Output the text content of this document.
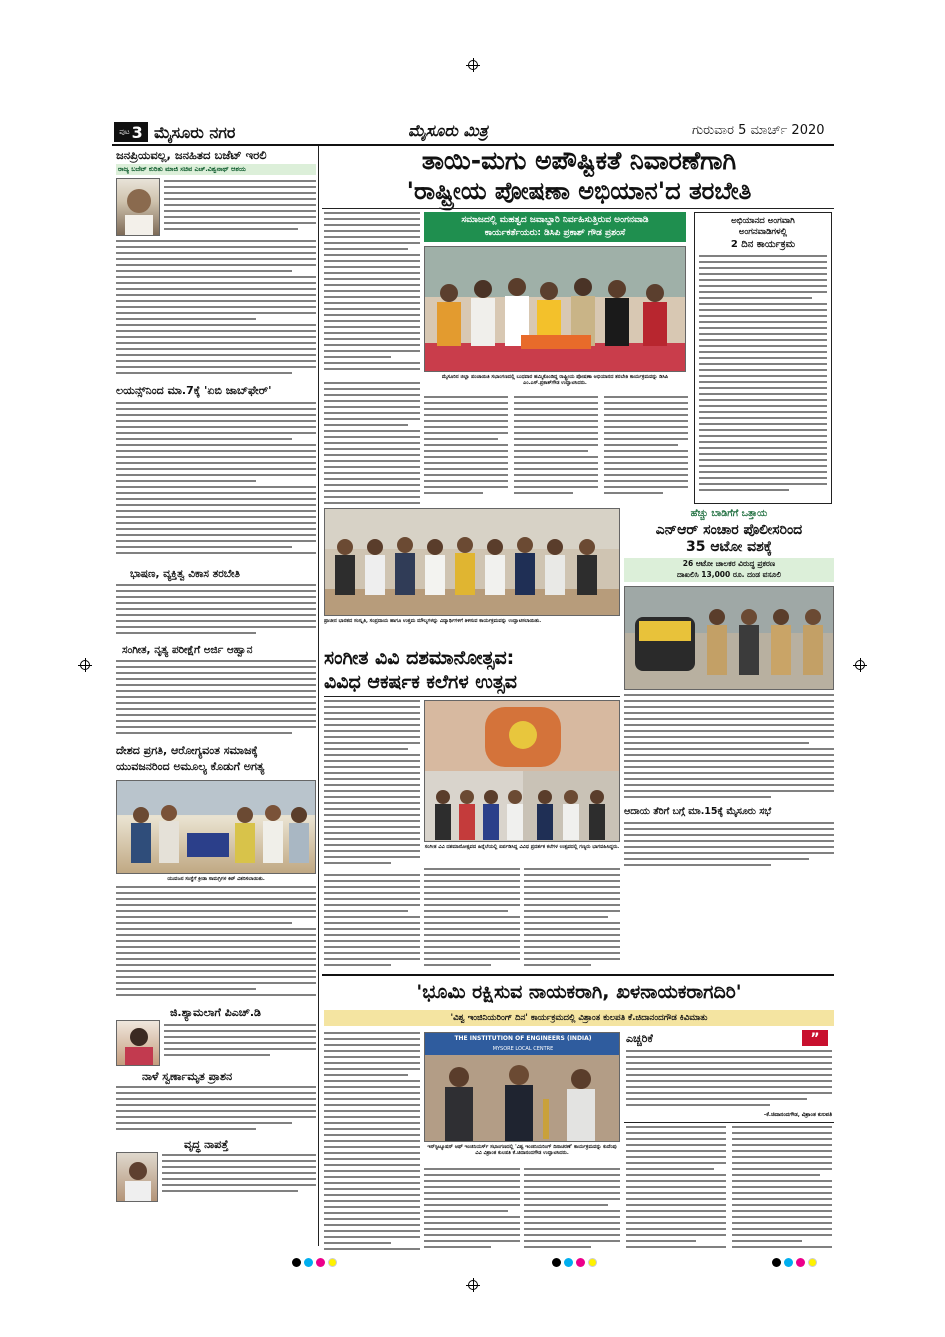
ಪುಟ 3 ಮೈಸೂರು ನಗರ	ಮೈಸೂರು ಮಿತ್ರ	ಗುರುವಾರ 5 ಮಾರ್ಚ್ 2020
ಜನಪ್ರಿಯವಲ್ಲ, ಜನಹಿತದ ಬಜೆಟ್ ಇರಲಿ
ರಾಜ್ಯ ಬಜೆಟ್ ಕುರಿತು ಮಾಜಿ ಸಚಿವ ಎಚ್.ವಿಶ್ವನಾಥ್ ಆಶಯ
ಲಯನ್ಸ್‌ನಿಂದ ಮಾ.7ಕ್ಕೆ 'ಏಬಿ ಜಾಬ್‌ಫೇರ್'
ಭಾಷಣ, ವ್ಯಕ್ತಿತ್ವ ವಿಕಾಸ ತರಬೇತಿ
ಸಂಗೀತ, ನೃತ್ಯ ಪರೀಕ್ಷೆಗೆ ಅರ್ಜಿ ಆಹ್ವಾನ
ದೇಶದ ಪ್ರಗತಿ, ಆರೋಗ್ಯವಂತ ಸಮಾಜಕ್ಕೆ
ಯುವಜನರಿಂದ ಅಮೂಲ್ಯ ಕೊಡುಗೆ ಅಗತ್ಯ
ಯುವಜನ ಸಂಸ್ಥೆಗೆ ಕ್ರೀಡಾ ಸಾಮಗ್ರಿಗಳ ಕಿಟ್ ವಿತರಿಸಲಾಯಿತು.
ಜಿ.ಶ್ಯಾಮಲಾಗೆ ಪಿಎಚ್.ಡಿ
ನಾಳೆ ಸ್ವರ್ಣಾಮೃತ ಪ್ರಾಶನ
ವೃದ್ಧ ನಾಪತ್ತೆ
ತಾಯಿ-ಮಗು ಅಪೌಷ್ಟಿಕತೆ ನಿವಾರಣೆಗಾಗಿ
'ರಾಷ್ಟ್ರೀಯ ಪೋಷಣಾ ಅಭಿಯಾನ'ದ ತರಬೇತಿ
ಸಮಾಜದಲ್ಲಿ ಮಹತ್ವದ ಜವಾಬ್ದಾರಿ ನಿರ್ವಹಿಸುತ್ತಿರುವ ಅಂಗನವಾಡಿ
ಕಾರ್ಯಕರ್ತೆಯರು: ಡಿಸಿಪಿ ಪ್ರಕಾಶ್ ಗೌಡ ಪ್ರಶಂಸೆ
ಮೈಸೂರಿನ ಜಿಲ್ಲಾ ಪಂಚಾಯಿತಿ ಸಭಾಂಗಣದಲ್ಲಿ ಬುಧವಾರ ಹಮ್ಮಿಕೊಂಡಿದ್ದ ರಾಷ್ಟ್ರೀಯ ಪೋಷಣಾ ಅಭಿಯಾನದ ತರಬೇತಿ ಕಾರ್ಯಕ್ರಮವನ್ನು ಡಿಸಿಪಿ ಎಂ.ಎಸ್.ಪ್ರಕಾಶ್‌ಗೌಡ ಉದ್ಘಾಟಿಸಿದರು.
ಅಭಿಯಾನದ ಅಂಗವಾಗಿ
ಅಂಗನವಾಡಿಗಳಲ್ಲಿ
2 ದಿನ ಕಾರ್ಯಕ್ರಮ
ಪ್ರಾಚೀನ ಭಾರತದ ಸಂಸ್ಕೃತಿ, ಸಂಪ್ರದಾಯ ಹಾಗೂ ಉತ್ತಮ ಮೌಲ್ಯಗಳನ್ನು ವಿದ್ಯಾರ್ಥಿಗಳಿಗೆ ತಿಳಿಸುವ ಕಾರ್ಯಕ್ರಮವನ್ನು ಉದ್ಘಾಟಿಸಲಾಯಿತು.
ಹೆಚ್ಚು ಬಾಡಿಗೆಗೆ ಒತ್ತಾಯ
ಎನ್‌ಆರ್ ಸಂಚಾರ ಪೊಲೀಸರಿಂದ
35 ಆಟೋ ವಶಕ್ಕೆ
26 ಆಟೋ ಚಾಲಕರ ವಿರುದ್ಧ ಪ್ರಕರಣ
ದಾಖಲಿಸಿ 13,000 ರೂ. ದಂಡ ವಸೂಲಿ
ಆದಾಯ ತೆರಿಗೆ ಬಗ್ಗೆ ಮಾ.15ಕ್ಕೆ ಮೈಸೂರು ಸಭೆ
ಸಂಗೀತ ವಿವಿ ದಶಮಾನೋತ್ಸವ:
ವಿವಿಧ ಆಕರ್ಷಕ ಕಲೆಗಳ ಉತ್ಸವ
ಸಂಗೀತ ವಿವಿ ದಶಮಾನೋತ್ಸವದ ಹಿನ್ನೆಲೆಯಲ್ಲಿ ಏರ್ಪಡಿಸಿದ್ದ ವಿವಿಧ ಪ್ರದರ್ಶಕ ಕಲೆಗಳ ಉತ್ಸವದಲ್ಲಿ ಗಣ್ಯರು ಭಾಗವಹಿಸಿದ್ದರು.
'ಭೂಮಿ ರಕ್ಷಿಸುವ ನಾಯಕರಾಗಿ, ಖಳನಾಯಕರಾಗದಿರಿ'
'ವಿಶ್ವ ಇಂಜಿನಿಯರಿಂಗ್ ದಿನ' ಕಾರ್ಯಕ್ರಮದಲ್ಲಿ ವಿಶ್ರಾಂತ ಕುಲಪತಿ ಕೆ.ಚಿದಾನಂದಗೌಡ ಕಿವಿಮಾತು
THE INSTITUTION OF ENGINEERS (INDIA)
MYSORE LOCAL CENTRE
ಇನ್‌ಸ್ಟಿಟ್ಯೂಷನ್ ಆಫ್ ಇಂಜಿನಿಯರ್ಸ್ ಸಭಾಂಗಣದಲ್ಲಿ 'ವಿಶ್ವ ಇಂಜಿನಿಯರಿಂಗ್ ದಿನಾಚರಣೆ' ಕಾರ್ಯಕ್ರಮವನ್ನು ಕುವೆಂಪು ವಿವಿ ವಿಶ್ರಾಂತ ಕುಲಪತಿ ಕೆ.ಚಿದಾನಂದಗೌಡ ಉದ್ಘಾಟಿಸಿದರು.
ಎಚ್ಚರಿಕೆ	”
-ಕೆ.ಚಿದಾನಂದಗೌಡ, ವಿಶ್ರಾಂತ ಕುಲಪತಿ
